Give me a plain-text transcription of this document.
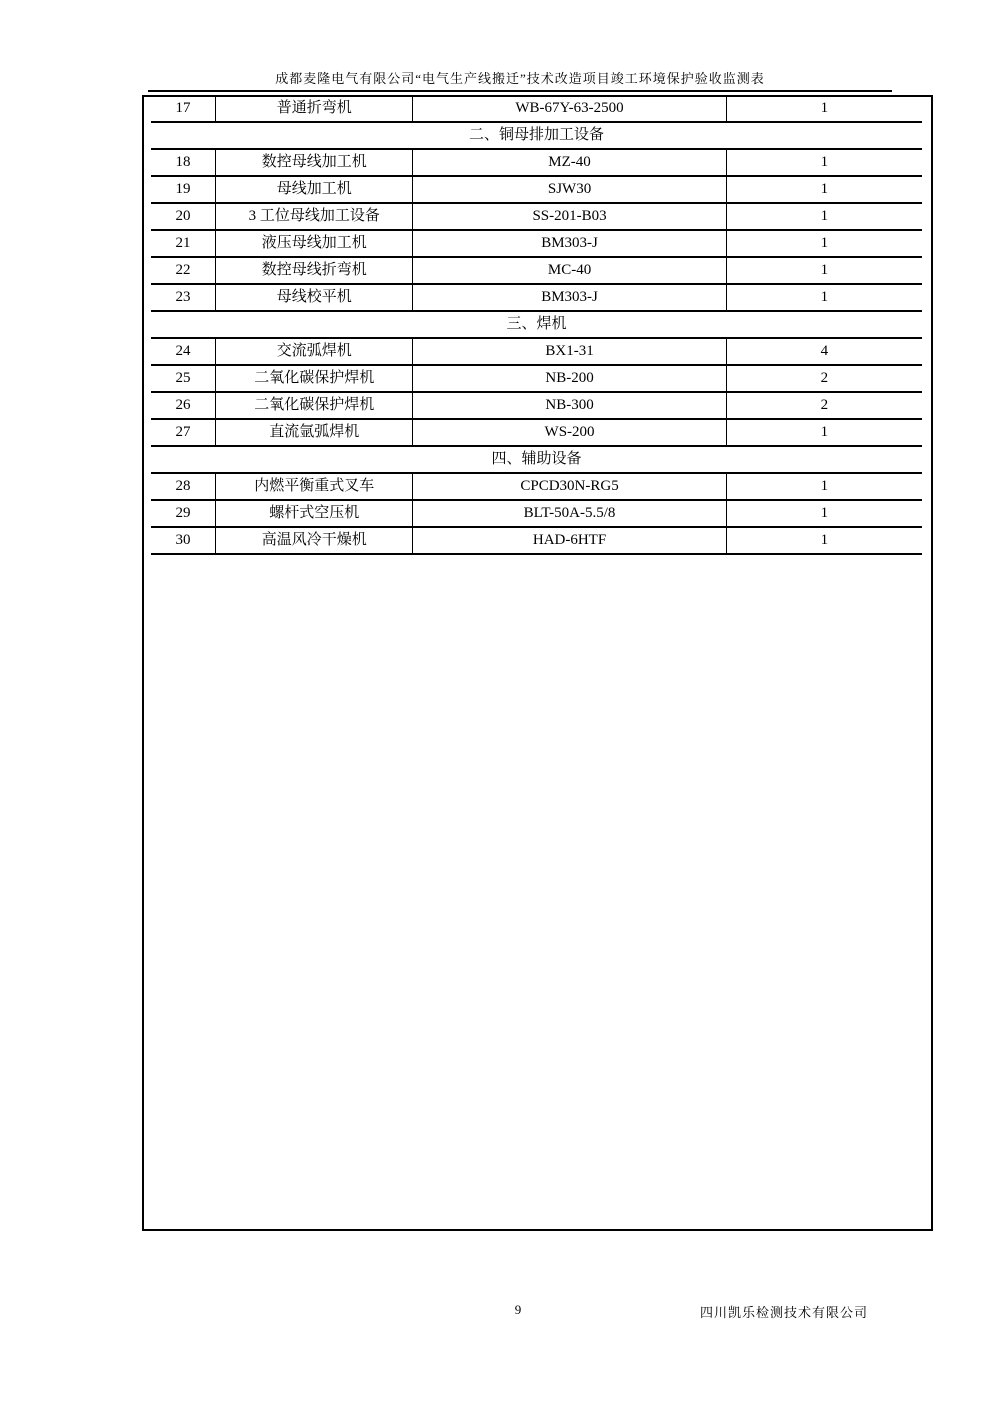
成都麦隆电气有限公司“电气生产线搬迁”技术改造项目竣工环境保护验收监测表
17	普通折弯机	WB-67Y-63-2500	1
二、铜母排加工设备			
18	数控母线加工机	MZ-40	1
19	母线加工机	SJW30	1
20	3 工位母线加工设备	SS-201-B03	1
21	液压母线加工机	BM303-J	1
22	数控母线折弯机	MC-40	1
23	母线校平机	BM303-J	1
三、焊机			
24	交流弧焊机	BX1-31	4
25	二氧化碳保护焊机	NB-200	2
26	二氧化碳保护焊机	NB-300	2
27	直流氩弧焊机	WS-200	1
四、辅助设备			
28	内燃平衡重式叉车	CPCD30N-RG5	1
29	螺杆式空压机	BLT-50A-5.5/8	1
30	高温风冷干燥机	HAD-6HTF	1
9	四川凯乐检测技术有限公司
